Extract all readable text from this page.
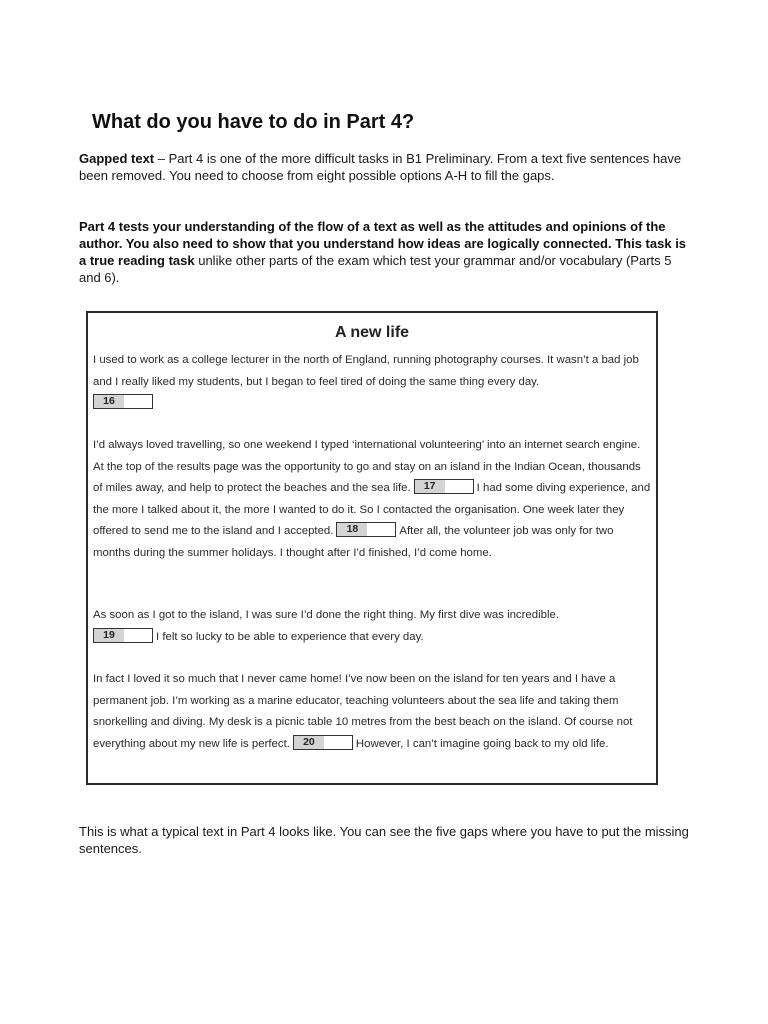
What do you have to do in Part 4?

Gapped text – Part 4 is one of the more difficult tasks in B1 Preliminary. From a text five sentences have been removed. You need to choose from eight possible options A-H to fill the gaps.

Part 4 tests your understanding of the flow of a text as well as the attitudes and opinions of the author. You also need to show that you understand how ideas are logically connected. This task is a true reading task unlike other parts of the exam which test your grammar and/or vocabulary (Parts 5 and 6).

A new life

I used to work as a college lecturer in the north of England, running photography courses. It wasn’t a bad job and I really liked my students, but I began to feel tired of doing the same thing every day.

16

I’d always loved travelling, so one weekend I typed ‘international volunteering’ into an internet search engine. At the top of the results page was the opportunity to go and stay on an island in the Indian Ocean, thousands of miles away, and help to protect the beaches and the sea life.	17	I had some diving experience, and the more I talked about it, the more I wanted to do it. So I contacted the organisation. One week later they offered to send me to the island and I accepted.	18	After all, the volunteer job was only for two months during the summer holidays. I thought after I’d finished, I’d come home.

As soon as I got to the island, I was sure I’d done the right thing. My first dive was incredible.

19	I felt so lucky to be able to experience that every day.

In fact I loved it so much that I never came home! I’ve now been on the island for ten years and I have a permanent job. I’m working as a marine educator, teaching volunteers about the sea life and taking them snorkelling and diving. My desk is a picnic table 10 metres from the best beach on the island. Of course not everything about my new life is perfect.	20	However, I can’t imagine going back to my old life.

This is what a typical text in Part 4 looks like. You can see the five gaps where you have to put the missing sentences.
